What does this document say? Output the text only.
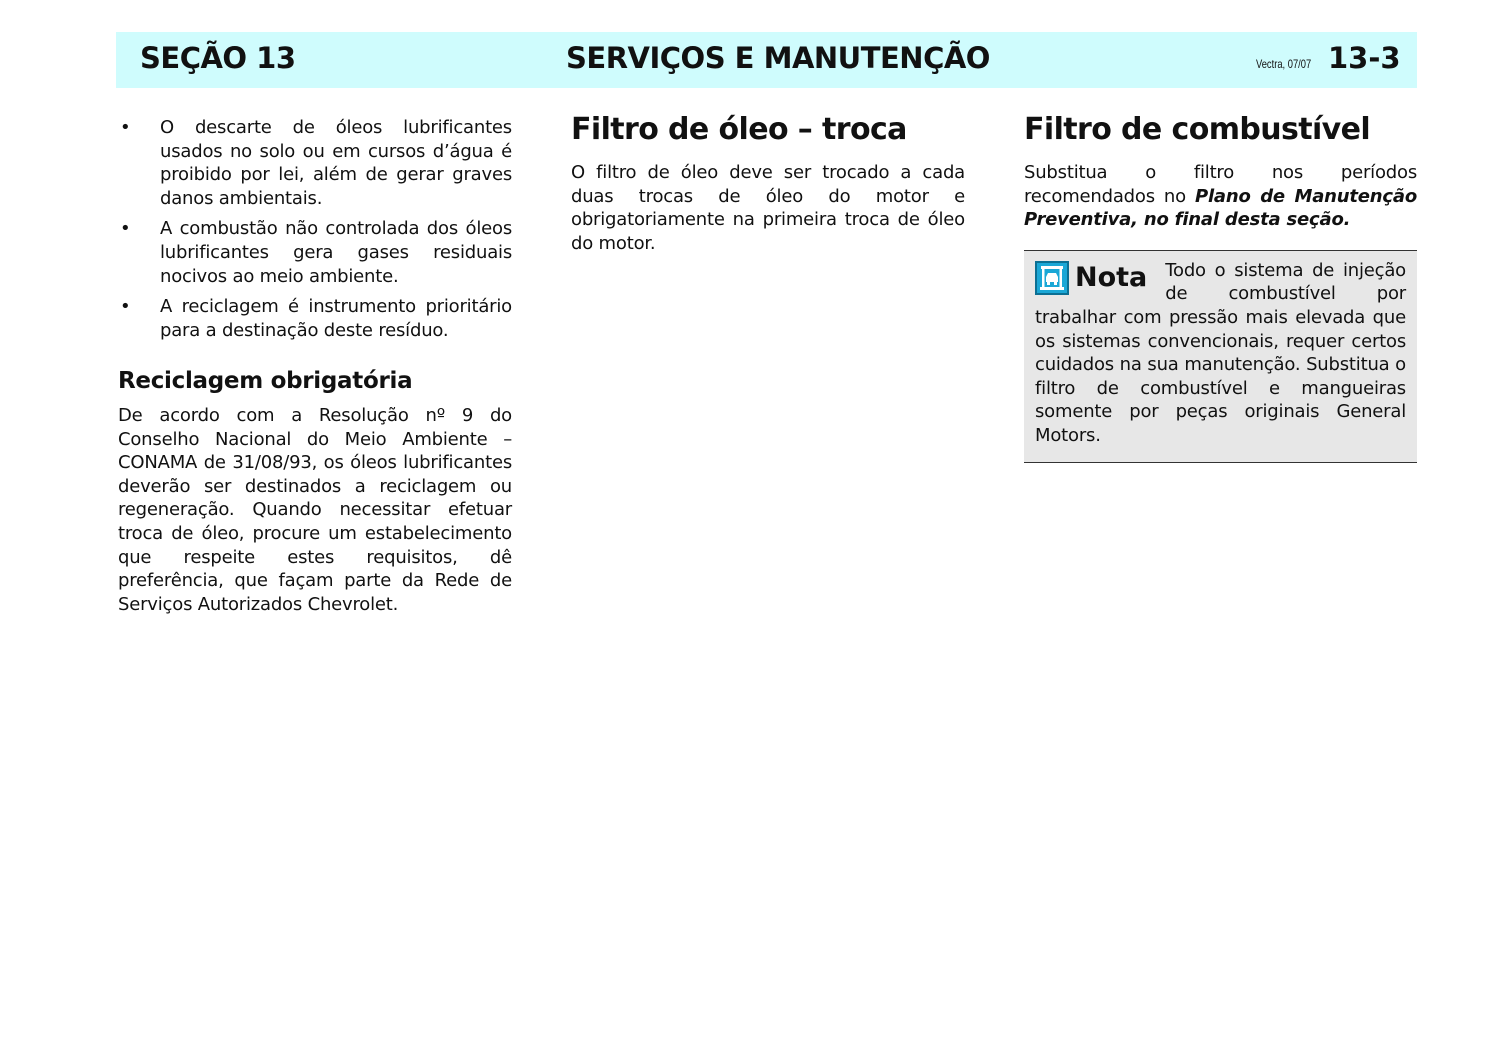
SEÇÃO 13	SERVIÇOS E MANUTENÇÃO	Vectra, 07/07 13-3
• O descarte de óleos lubrificantes usados no solo ou em cursos d’água é proibido por lei, além de gerar graves danos ambientais.

• A combustão não controlada dos óleos lubrificantes gera gases residuais nocivos ao meio ambiente.

• A reciclagem é instrumento prioritário para a destinação deste resíduo.

Reciclagem obrigatória

De acordo com a Resolução nº 9 do Conselho Nacional do Meio Ambiente – CONAMA de 31/08/93, os óleos lubrificantes deverão ser destinados a reciclagem ou regeneração. Quando necessitar efetuar troca de óleo, procure um estabelecimento que respeite estes requisitos, dê preferência, que façam parte da Rede de Serviços Autorizados Chevrolet.

Filtro de óleo – troca

O filtro de óleo deve ser trocado a cada duas trocas de óleo do motor e obrigatoriamente na primeira troca de óleo do motor.

Filtro de combustível

Substitua o filtro nos períodos recomendados no Plano de Manutenção Preventiva, no final desta seção.

Nota	Todo o sistema de injeção de combustível por trabalhar com pressão mais elevada que os sistemas convencionais, requer certos cuidados na sua manutenção. Substitua o filtro de combustível e mangueiras somente por peças originais General Motors.
